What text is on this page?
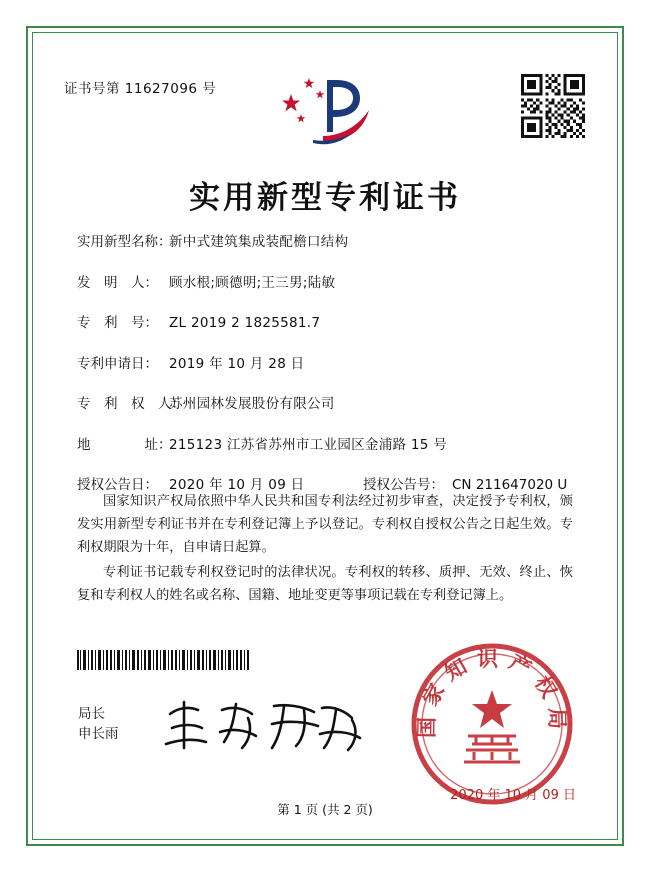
证书号第 11627096 号
实用新型专利证书
实用新型名称：
新中式建筑集成装配檐口结构
发　明　人： 顾水根;顾德明;王三男;陆敏
专　利　号： ZL 2019 2 1825581.7
专利申请日： 2019 年 10 月 28 日
专　利　权　人：
苏州园林发展股份有限公司
地　　　　址：
215123 江苏省苏州市工业园区金浦路 15 号
授权公告日： 2020 年 10 月 09 日	授权公告号： CN 211647020 U

国家知识产权局依照中华人民共和国专利法经过初步审查，决定授予专利权，颁发实用新型专利证书并在专利登记簿上予以登记。专利权自授权公告之日起生效。专利权期限为十年，自申请日起算。

专利证书记载专利权登记时的法律状况。专利权的转移、质押、无效、终止、恢复和专利权人的姓名或名称、国籍、地址变更等事项记载在专利登记簿上。

局长
申长雨	国家知识产权局
2020 年 10 月 09 日
第 1 页 (共 2 页)
